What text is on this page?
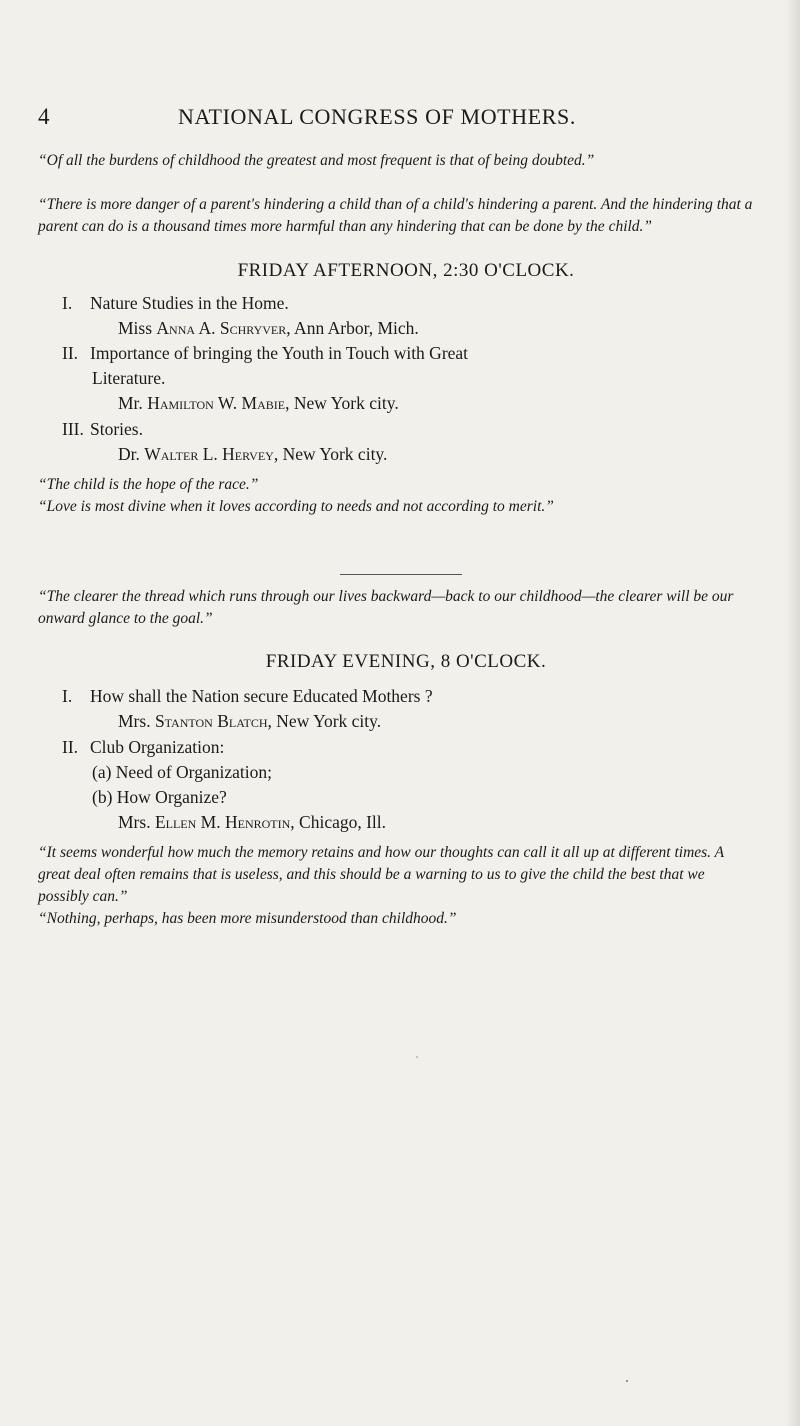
4	NATIONAL CONGRESS OF MOTHERS.
“Of all the burdens of childhood the greatest and most frequent is that of being doubted.”
“There is more danger of a parent's hindering a child than of a child's hindering a parent. And the hindering that a parent can do is a thousand times more harmful than any hindering that can be done by the child.”
FRIDAY AFTERNOON, 2:30 O'CLOCK.
I. Nature Studies in the Home.
Miss Anna A. Schryver, Ann Arbor, Mich.
II. Importance of bringing the Youth in Touch with Great
Literature.
Mr. Hamilton W. Mabie, New York city.
III. Stories.
Dr. Walter L. Hervey, New York city.
“The child is the hope of the race.”
“Love is most divine when it loves according to needs and not according to merit.”
“The clearer the thread which runs through our lives backward—back to our childhood—the clearer will be our onward glance to the goal.”
FRIDAY EVENING, 8 O'CLOCK.
I. How shall the Nation secure Educated Mothers ?
Mrs. Stanton Blatch, New York city.
II. Club Organization:
(a) Need of Organization;
(b) How Organize?
Mrs. Ellen M. Henrotin, Chicago, Ill.
“It seems wonderful how much the memory retains and how our thoughts can call it all up at different times. A great deal often remains that is useless, and this should be a warning to us to give the child the best that we possibly can.”
“Nothing, perhaps, has been more misunderstood than childhood.”
